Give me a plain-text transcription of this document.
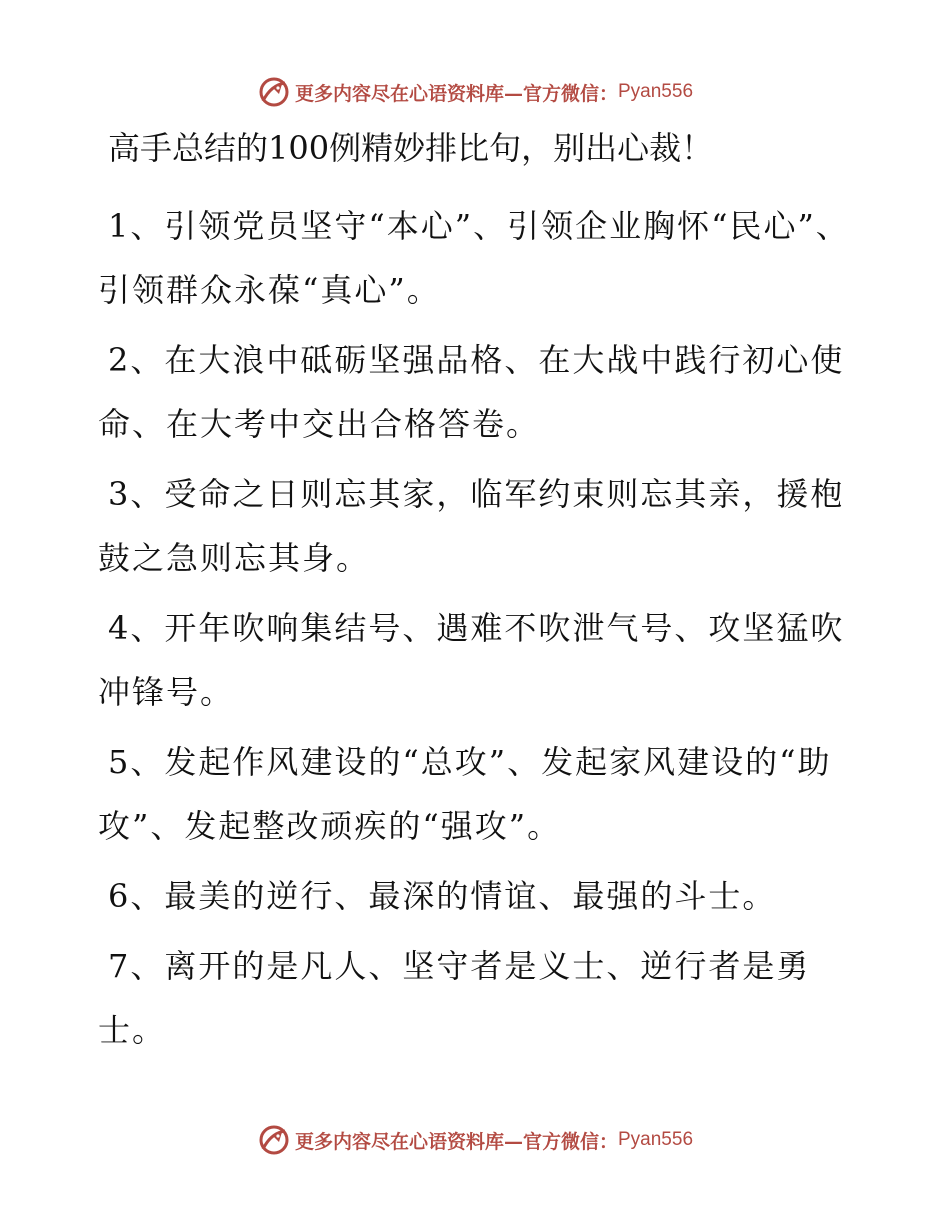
更多内容尽在心语资料库—官方微信： Pyan556
高手总结的100例精妙排比句，别出心裁！

1、引领党员坚守“本心”、引领企业胸怀“民心”、引领群众永葆“真心”。

2、在大浪中砥砺坚强品格、在大战中践行初心使命、在大考中交出合格答卷。

3、受命之日则忘其家，临军约束则忘其亲，援枹鼓之急则忘其身。

4、开年吹响集结号、遇难不吹泄气号、攻坚猛吹冲锋号。

5、发起作风建设的“总攻”、发起家风建设的“助攻”、发起整改顽疾的“强攻”。

6、最美的逆行、最深的情谊、最强的斗士。

7、离开的是凡人、坚守者是义士、逆行者是勇士。

更多内容尽在心语资料库—官方微信： Pyan556
